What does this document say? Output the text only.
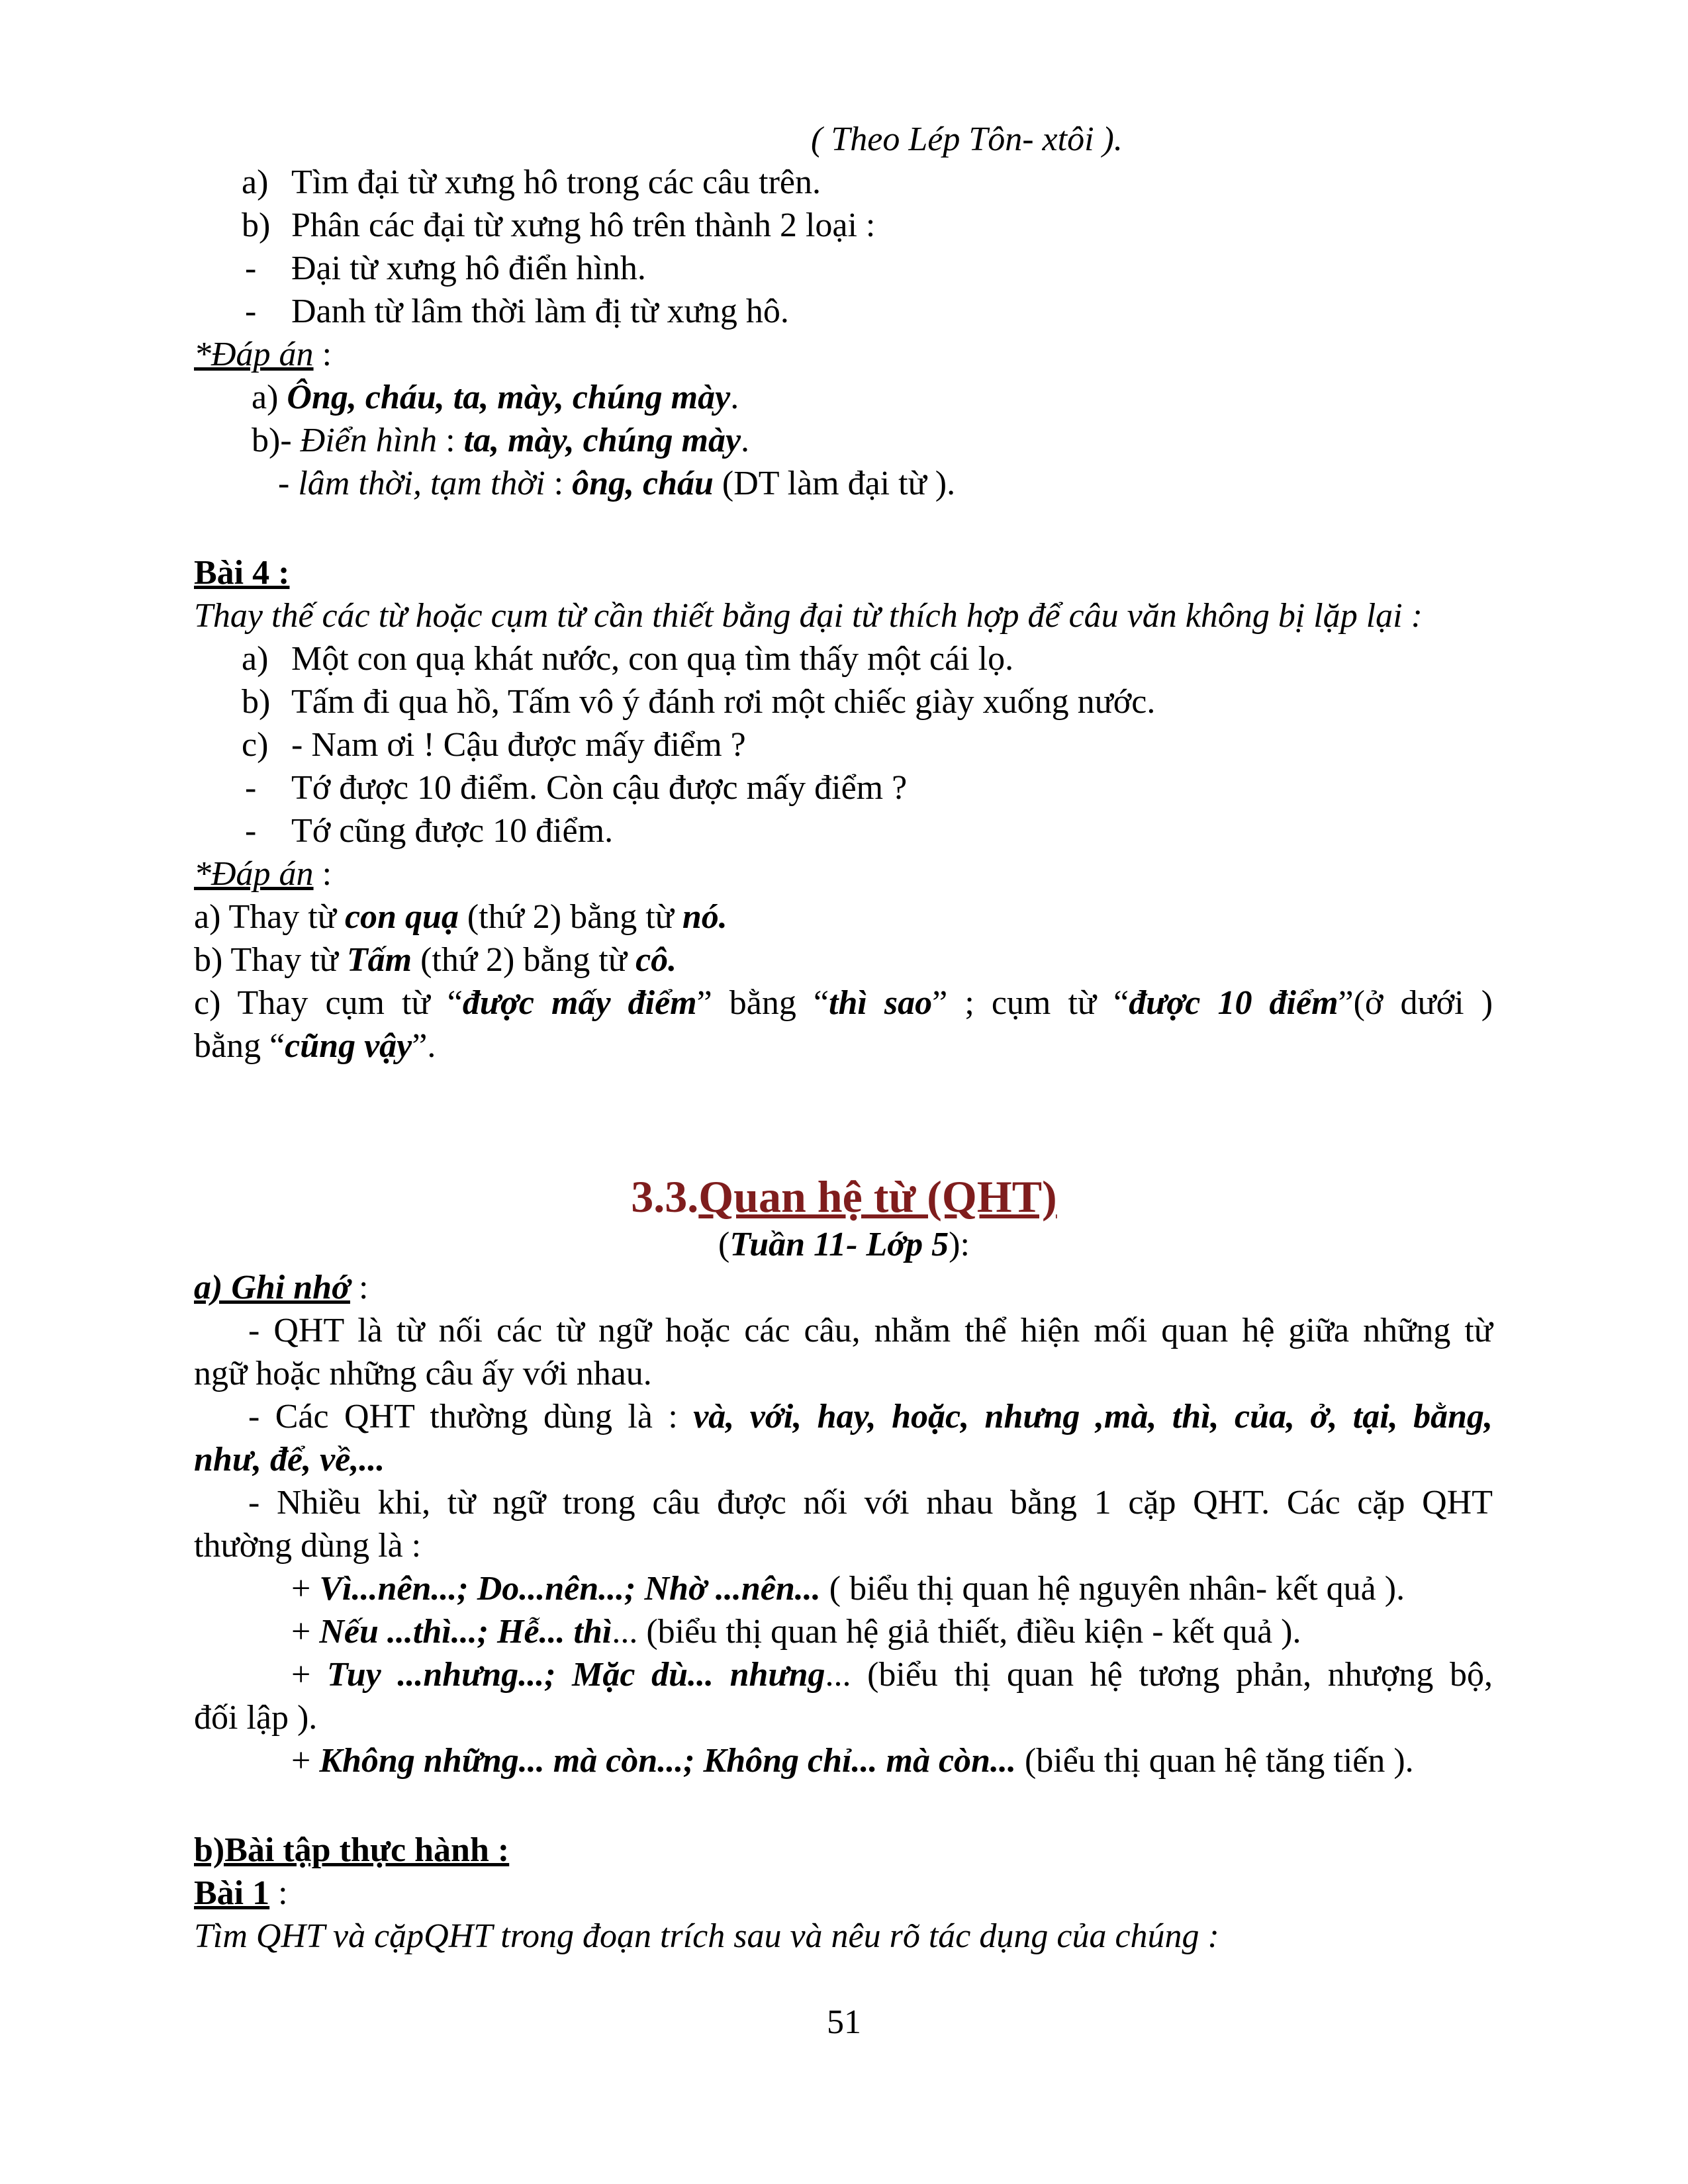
( Theo Lép Tôn- xtôi ).
a) Tìm đại từ xưng hô trong các câu trên.
b) Phân các đại từ xưng hô trên thành 2 loại :
- Đại từ xưng hô điển hình.
- Danh từ lâm thời làm đị từ xưng hô.
*Đáp án :
a) Ông, cháu, ta, mày, chúng mày.
b)- Điển hình : ta, mày, chúng mày.
- lâm thời, tạm thời : ông, cháu (DT làm đại từ ).
Bài 4 :
Thay thế các từ hoặc cụm từ cần thiết bằng đại từ thích hợp để câu văn không bị lặp lại :
a) Một con quạ khát nước, con quạ tìm thấy một cái lọ.
b) Tấm đi qua hồ, Tấm vô ý đánh rơi một chiếc giày xuống nước.
c) - Nam ơi ! Cậu được mấy điểm ?
- Tớ được 10 điểm. Còn cậu được mấy điểm ?
- Tớ cũng được 10 điểm.
*Đáp án :
a) Thay từ con quạ (thứ 2) bằng từ nó.
b) Thay từ Tấm (thứ 2) bằng từ cô.
c) Thay cụm từ “được mấy điểm” bằng “thì sao” ; cụm từ “được 10 điểm”(ở dưới )
bằng “cũng vậy”.
3.3.Quan hệ từ (QHT)
(Tuần 11- Lớp 5):
a) Ghi nhớ :
- QHT là từ nối các từ ngữ hoặc các câu, nhằm thể hiện mối quan hệ giữa những từ
ngữ hoặc những câu ấy với nhau.
- Các QHT thường dùng là : và, với, hay, hoặc, nhưng ,mà, thì, của, ở, tại, bằng,
như, để, về,...
- Nhiều khi, từ ngữ trong câu được nối với nhau bằng 1 cặp QHT. Các cặp QHT
thường dùng là :
+ Vì...nên...; Do...nên...; Nhờ ...nên... ( biểu thị quan hệ nguyên nhân- kết quả ).
+ Nếu ...thì...; Hễ... thì... (biểu thị quan hệ giả thiết, điều kiện - kết quả ).
+ Tuy ...nhưng...; Mặc dù... nhưng... (biểu thị quan hệ tương phản, nhượng bộ,
đối lập ).
+ Không những... mà còn...; Không chỉ... mà còn... (biểu thị quan hệ tăng tiến ).
b)Bài tập thực hành :
Bài 1 :
Tìm QHT và cặpQHT trong đoạn trích sau và nêu rõ tác dụng của chúng :
51
